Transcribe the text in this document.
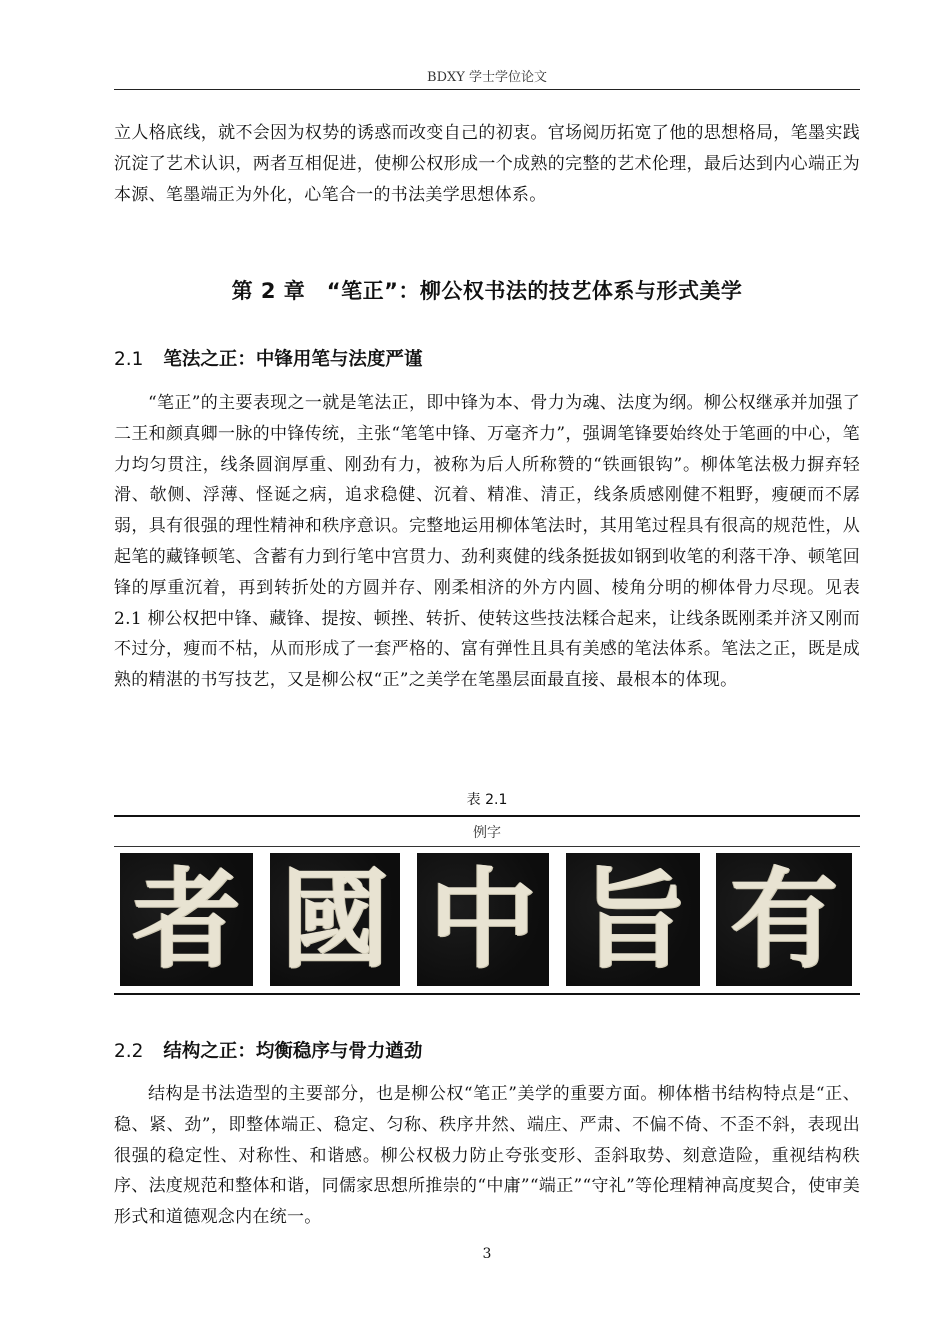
BDXY 学士学位论文

立人格底线，就不会因为权势的诱惑而改变自己的初衷。官场阅历拓宽了他的思想格局，笔墨实践沉淀了艺术认识，两者互相促进，使柳公权形成一个成熟的完整的艺术伦理，最后达到内心端正为本源、笔墨端正为外化，心笔合一的书法美学思想体系。

第 2 章　“笔正”：柳公权书法的技艺体系与形式美学
2.1 笔法之正：中锋用笔与法度严谨

“笔正”的主要表现之一就是笔法正，即中锋为本、骨力为魂、法度为纲。柳公权继承并加强了二王和颜真卿一脉的中锋传统，主张“笔笔中锋、万毫齐力”，强调笔锋要始终处于笔画的中心，笔力均匀贯注，线条圆润厚重、刚劲有力，被称为后人所称赞的“铁画银钩”。柳体笔法极力摒弃轻滑、欹侧、浮薄、怪诞之病，追求稳健、沉着、精准、清正，线条质感刚健不粗野，瘦硬而不孱弱，具有很强的理性精神和秩序意识。完整地运用柳体笔法时，其用笔过程具有很高的规范性，从起笔的藏锋顿笔、含蓄有力到行笔中宫贯力、劲利爽健的线条挺拔如钢到收笔的利落干净、顿笔回锋的厚重沉着，再到转折处的方圆并存、刚柔相济的外方内圆、棱角分明的柳体骨力尽现。见表 2.1 柳公权把中锋、藏锋、提按、顿挫、转折、使转这些技法糅合起来，让线条既刚柔并济又刚而不过分，瘦而不枯，从而形成了一套严格的、富有弹性且具有美感的笔法体系。笔法之正，既是成熟的精湛的书写技艺，又是柳公权“正”之美学在笔墨层面最直接、最根本的体现。

表 2.1
例字
者 國 中 旨 有
2.2 结构之正：均衡稳序与骨力遒劲

结构是书法造型的主要部分，也是柳公权“笔正”美学的重要方面。柳体楷书结构特点是“正、稳、紧、劲”，即整体端正、稳定、匀称、秩序井然、端庄、严肃、不偏不倚、不歪不斜，表现出很强的稳定性、对称性、和谐感。柳公权极力防止夸张变形、歪斜取势、刻意造险，重视结构秩序、法度规范和整体和谐，同儒家思想所推崇的“中庸”“端正”“守礼”等伦理精神高度契合，使审美形式和道德观念内在统一。

3
